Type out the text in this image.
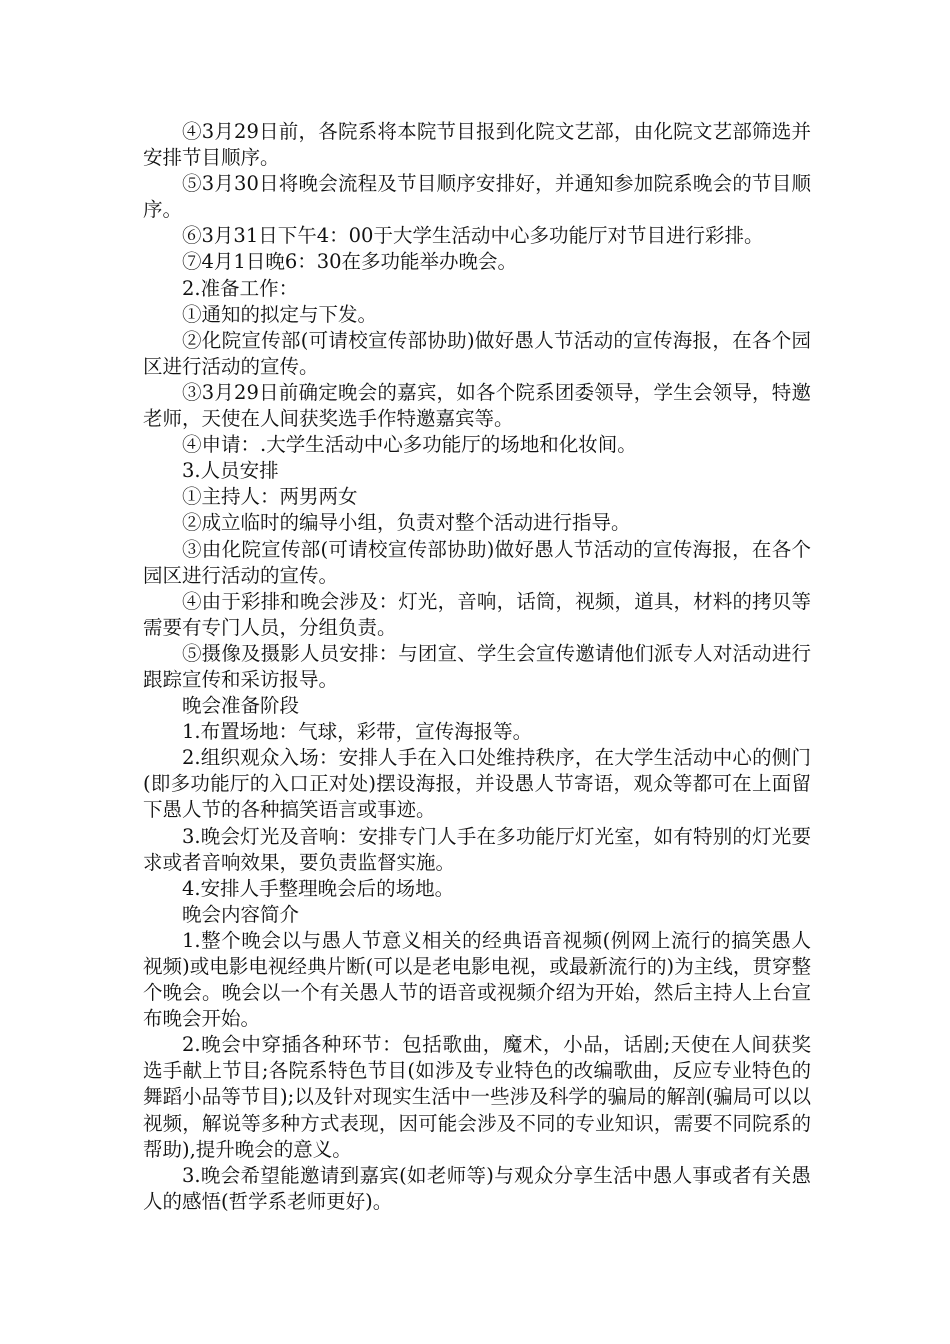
④3月29日前，各院系将本院节目报到化院文艺部，由化院文艺部筛选并安排节目顺序。

⑤3月30日将晚会流程及节目顺序安排好，并通知参加院系晚会的节目顺序。

⑥3月31日下午4：00于大学生活动中心多功能厅对节目进行彩排。

⑦4月1日晚6：30在多功能举办晚会。

2.准备工作：

①通知的拟定与下发。

②化院宣传部(可请校宣传部协助)做好愚人节活动的宣传海报，在各个园区进行活动的宣传。

③3月29日前确定晚会的嘉宾，如各个院系团委领导，学生会领导，特邀老师，天使在人间获奖选手作特邀嘉宾等。

④申请：.大学生活动中心多功能厅的场地和化妆间。

3.人员安排

①主持人：两男两女

②成立临时的编导小组，负责对整个活动进行指导。

③由化院宣传部(可请校宣传部协助)做好愚人节活动的宣传海报，在各个园区进行活动的宣传。

④由于彩排和晚会涉及：灯光，音响，话筒，视频，道具，材料的拷贝等需要有专门人员，分组负责。

⑤摄像及摄影人员安排：与团宣、学生会宣传邀请他们派专人对活动进行跟踪宣传和采访报导。

晚会准备阶段

1.布置场地：气球，彩带，宣传海报等。

2.组织观众入场：安排人手在入口处维持秩序，在大学生活动中心的侧门(即多功能厅的入口正对处)摆设海报，并设愚人节寄语，观众等都可在上面留下愚人节的各种搞笑语言或事迹。

3.晚会灯光及音响：安排专门人手在多功能厅灯光室，如有特别的灯光要求或者音响效果，要负责监督实施。

4.安排人手整理晚会后的场地。

晚会内容简介

1.整个晚会以与愚人节意义相关的经典语音视频(例网上流行的搞笑愚人视频)或电影电视经典片断(可以是老电影电视，或最新流行的)为主线，贯穿整个晚会。晚会以一个有关愚人节的语音或视频介绍为开始，然后主持人上台宣布晚会开始。

2.晚会中穿插各种环节：包括歌曲，魔术，小品，话剧;天使在人间获奖选手献上节目;各院系特色节目(如涉及专业特色的改编歌曲，反应专业特色的舞蹈小品等节目);以及针对现实生活中一些涉及科学的骗局的解剖(骗局可以以视频，解说等多种方式表现，因可能会涉及不同的专业知识，需要不同院系的帮助),提升晚会的意义。

3.晚会希望能邀请到嘉宾(如老师等)与观众分享生活中愚人事或者有关愚人的感悟(哲学系老师更好)。
